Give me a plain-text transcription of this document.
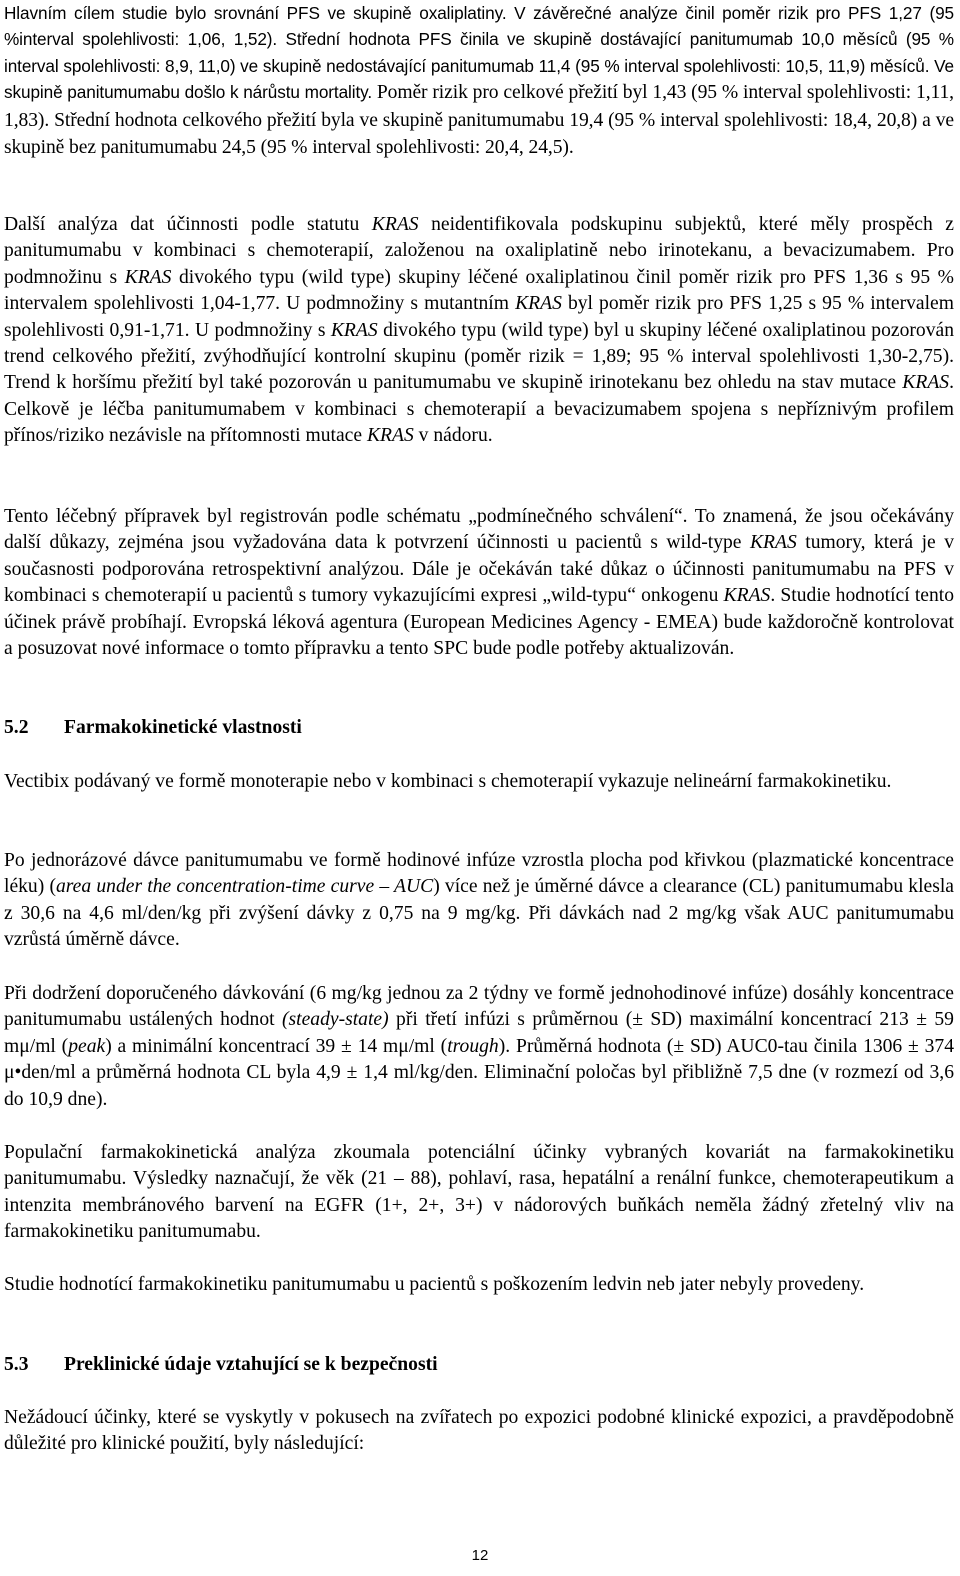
Hlavním cílem studie bylo srovnání PFS ve skupině oxaliplatiny. V závěrečné analýze činil poměr rizik pro PFS 1,27 (95 %interval spolehlivosti: 1,06, 1,52). Střední hodnota PFS činila ve skupině dostávající panitumumab 10,0 měsíců (95 % interval spolehlivosti: 8,9, 11,0) ve skupině nedostávající panitumumab 11,4 (95 % interval spolehlivosti: 10,5, 11,9) měsíců. Ve skupině panitumumabu došlo k nárůstu mortality. Poměr rizik pro celkové přežití byl 1,43 (95 % interval spolehlivosti: 1,11, 1,83). Střední hodnota celkového přežití byla ve skupině panitumumabu 19,4 (95 % interval spolehlivosti: 18,4, 20,8) a ve skupině bez panitumumabu 24,5 (95 % interval spolehlivosti: 20,4, 24,5).

Další analýza dat účinnosti podle statutu KRAS neidentifikovala podskupinu subjektů, které měly prospěch z panitumumabu v kombinaci s chemoterapií, založenou na oxaliplatině nebo irinotekanu, a bevacizumabem. Pro podmnožinu s KRAS divokého typu (wild type) skupiny léčené oxaliplatinou činil poměr rizik pro PFS 1,36 s 95 % intervalem spolehlivosti 1,04-1,77. U podmnožiny s mutantním KRAS byl poměr rizik pro PFS 1,25 s 95 % intervalem spolehlivosti 0,91-1,71. U podmnožiny s KRAS divokého typu (wild type) byl u skupiny léčené oxaliplatinou pozorován trend celkového přežití, zvýhodňující kontrolní skupinu (poměr rizik = 1,89; 95 % interval spolehlivosti 1,30-2,75). Trend k horšímu přežití byl také pozorován u panitumumabu ve skupině irinotekanu bez ohledu na stav mutace KRAS. Celkově je léčba panitumumabem v kombinaci s chemoterapií a bevacizumabem spojena s nepříznivým profilem přínos/riziko nezávisle na přítomnosti mutace KRAS v nádoru.

Tento léčebný přípravek byl registrován podle schématu „podmínečného schválení“. To znamená, že jsou očekávány další důkazy, zejména jsou vyžadována data k potvrzení účinnosti u pacientů s wild-type KRAS tumory, která je v současnosti podporována retrospektivní analýzou. Dále je očekáván také důkaz o účinnosti panitumumabu na PFS v kombinaci s chemoterapií u pacientů s tumory vykazujícími expresi „wild-typu“ onkogenu KRAS. Studie hodnotící tento účinek právě probíhají. Evropská léková agentura (European Medicines Agency - EMEA) bude každoročně kontrolovat a posuzovat nové informace o tomto přípravku a tento SPC bude podle potřeby aktualizován.

5.2 Farmakokinetické vlastnosti

Vectibix podávaný ve formě monoterapie nebo v kombinaci s chemoterapií vykazuje nelineární farmakokinetiku.

Po jednorázové dávce panitumumabu ve formě hodinové infúze vzrostla plocha pod křivkou (plazmatické koncentrace léku) (area under the concentration-time curve – AUC) více než je úměrné dávce a clearance (CL) panitumumabu klesla z 30,6 na 4,6 ml/den/kg při zvýšení dávky z 0,75 na 9 mg/kg. Při dávkách nad 2 mg/kg však AUC panitumumabu vzrůstá úměrně dávce.

Při dodržení doporučeného dávkování (6 mg/kg jednou za 2 týdny ve formě jednohodinové infúze) dosáhly koncentrace panitumumabu ustálených hodnot (steady-state) při třetí infúzi s průměrnou (± SD) maximální koncentrací 213 ± 59 mμ/ml (peak) a minimální koncentrací 39 ± 14 mμ/ml (trough). Průměrná hodnota (± SD) AUC0-tau činila 1306 ± 374 μ•den/ml a průměrná hodnota CL byla 4,9 ± 1,4 ml/kg/den. Eliminační poločas byl přibližně 7,5 dne (v rozmezí od 3,6 do 10,9 dne).

Populační farmakokinetická analýza zkoumala potenciální účinky vybraných kovariát na farmakokinetiku panitumumabu. Výsledky naznačují, že věk (21 – 88), pohlaví, rasa, hepatální a renální funkce, chemoterapeutikum a intenzita membránového barvení na EGFR (1+, 2+, 3+) v nádorových buňkách neměla žádný zřetelný vliv na farmakokinetiku panitumumabu.

Studie hodnotící farmakokinetiku panitumumabu u pacientů s poškozením ledvin neb jater nebyly provedeny.

5.3 Preklinické údaje vztahující se k bezpečnosti

Nežádoucí účinky, které se vyskytly v pokusech na zvířatech po expozici podobné klinické expozici, a pravděpodobně důležité pro klinické použití, byly následující:

12
